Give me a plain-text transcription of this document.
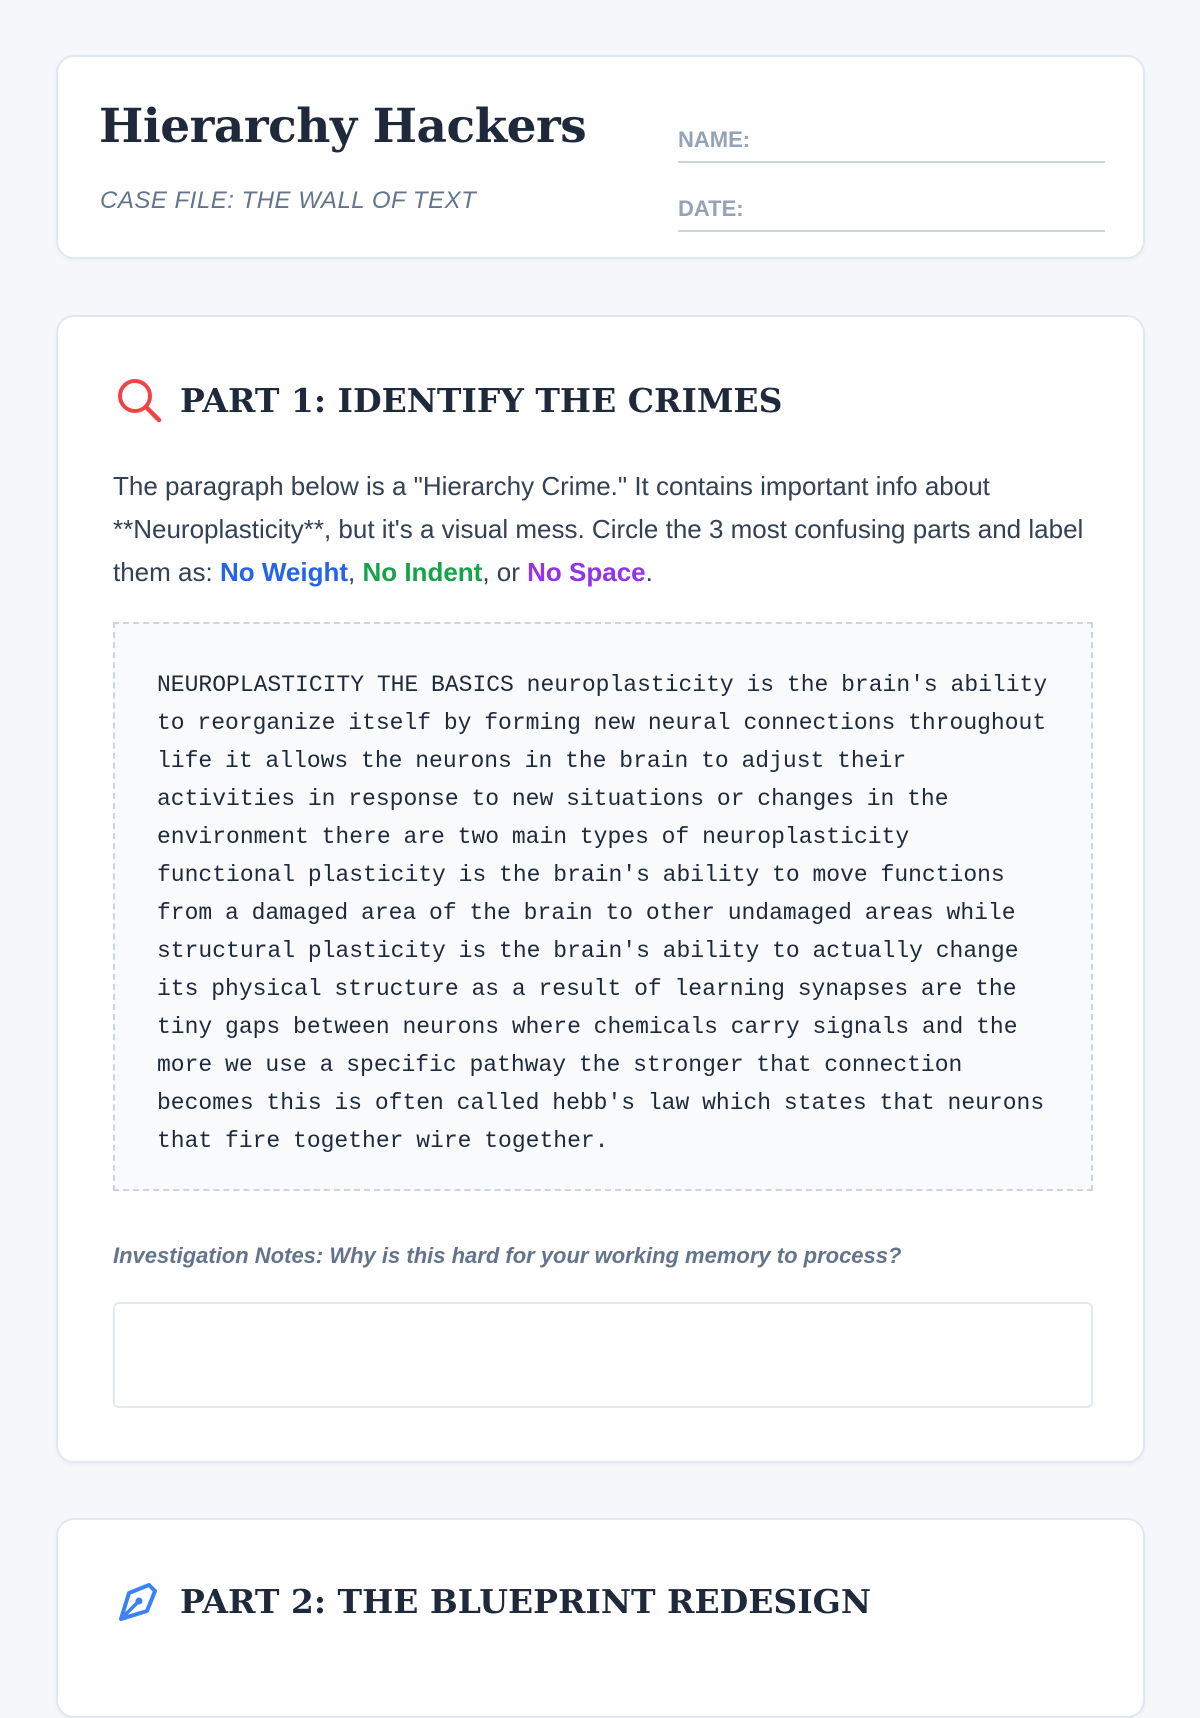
Hierarchy Hackers
CASE FILE: THE WALL OF TEXT
NAME:
DATE:
PART 1: IDENTIFY THE CRIMES

The paragraph below is a "Hierarchy Crime." It contains important info about **Neuroplasticity**, but it's a visual mess. Circle the 3 most confusing parts and label them as: No Weight, No Indent, or No Space.

NEUROPLASTICITY THE BASICS neuroplasticity is the brain's ability to reorganize itself by forming new neural connections throughout life it allows the neurons in the brain to adjust their activities in response to new situations or changes in the environment there are two main types of neuroplasticity functional plasticity is the brain's ability to move functions from a damaged area of the brain to other undamaged areas while structural plasticity is the brain's ability to actually change its physical structure as a result of learning synapses are the tiny gaps between neurons where chemicals carry signals and the more we use a specific pathway the stronger that connection becomes this is often called hebb's law which states that neurons that fire together wire together.

Investigation Notes: Why is this hard for your working memory to process?
PART 2: THE BLUEPRINT REDESIGN
